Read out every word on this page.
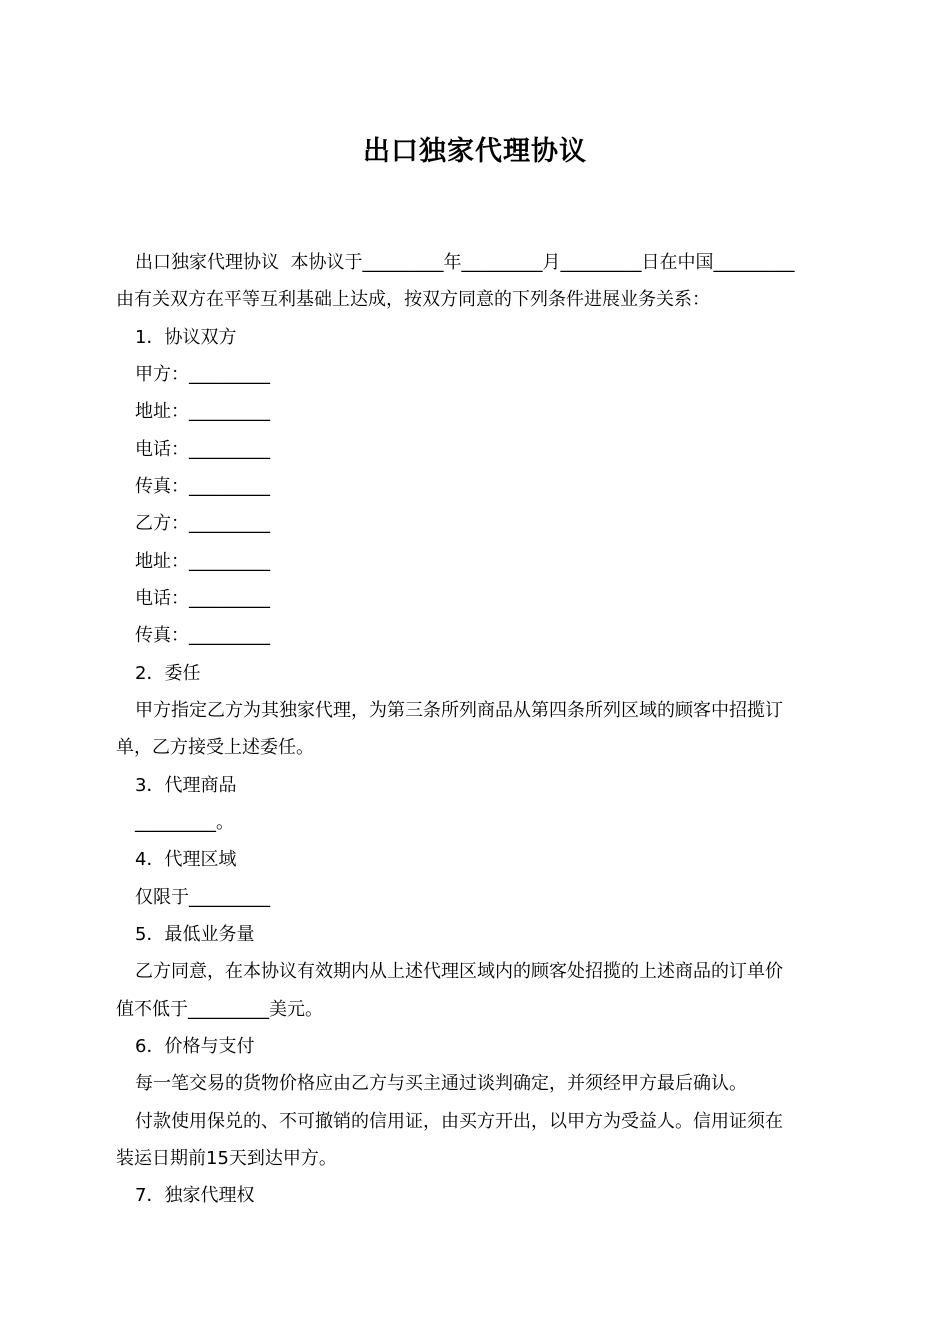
出口独家代理协议

出口独家代理协议  本协议于_________年_________月_________日在中国_________

由有关双方在平等互利基础上达成，按双方同意的下列条件进展业务关系：

1．协议双方

甲方：_________

地址：_________

电话：_________

传真：_________

乙方：_________

地址：_________

电话：_________

传真：_________

2．委任

甲方指定乙方为其独家代理，为第三条所列商品从第四条所列区域的顾客中招揽订

单，乙方接受上述委任。

3．代理商品

_________。

4．代理区域

仅限于_________

5．最低业务量

乙方同意，在本协议有效期内从上述代理区域内的顾客处招揽的上述商品的订单价

值不低于_________美元。

6．价格与支付

每一笔交易的货物价格应由乙方与买主通过谈判确定，并须经甲方最后确认。

付款使用保兑的、不可撤销的信用证，由买方开出，以甲方为受益人。信用证须在

装运日期前15天到达甲方。

7．独家代理权
